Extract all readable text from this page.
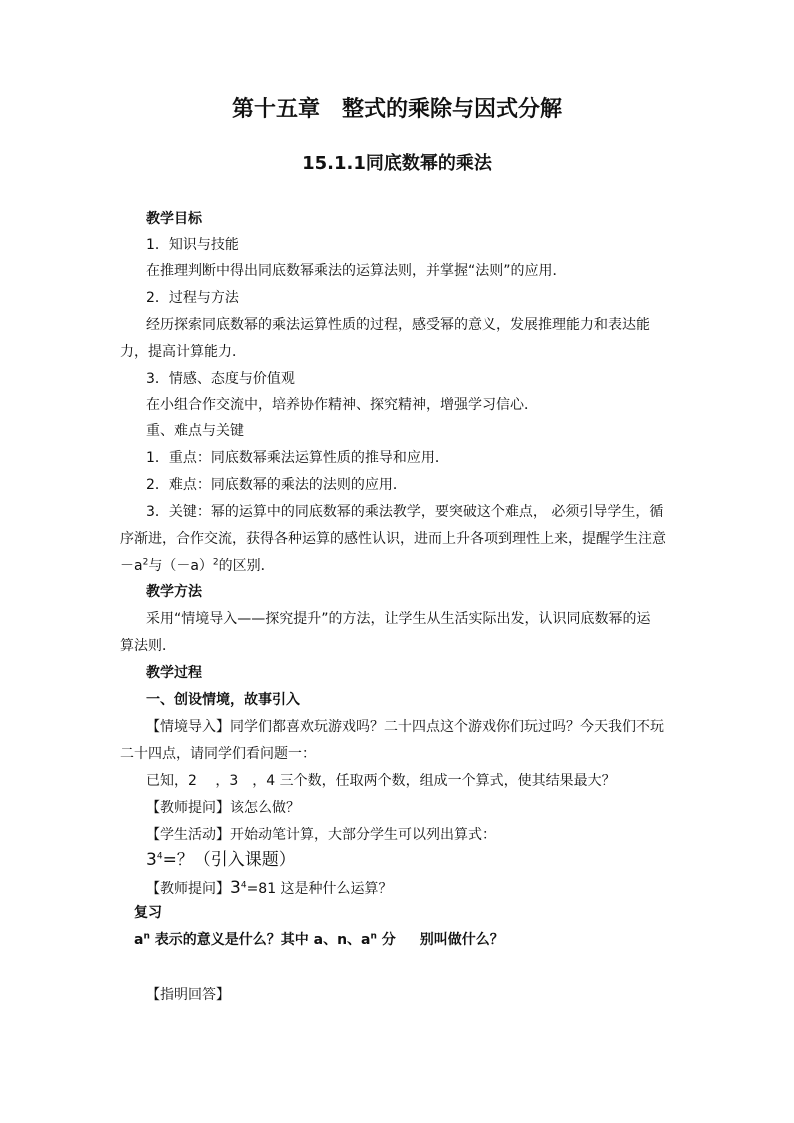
第十五章　整式的乘除与因式分解
15.1.1同底数幂的乘法
教学目标
1．知识与技能
在推理判断中得出同底数幂乘法的运算法则，并掌握“法则”的应用．
2．过程与方法
经历探索同底数幂的乘法运算性质的过程，感受幂的意义，发展推理能力和表达能
力，提高计算能力．
3．情感、态度与价值观
在小组合作交流中，培养协作精神、探究精神，增强学习信心．
重、难点与关键
1．重点：同底数幂乘法运算性质的推导和应用．
2．难点：同底数幂的乘法的法则的应用．
3．关键：幂的运算中的同底数幂的乘法教学，要突破这个难点， 必须引导学生，循
序渐进，合作交流，获得各种运算的感性认识，进而上升各项到理性上来，提醒学生注意
$-a^2$与$(-a)^2$的区别．
教学方法
采用“情境导入——探究提升”的方法，让学生从生活实际出发，认识同底数幂的运
算法则．
教学过程
一、创设情境，故事引入
【情境导入】同学们都喜欢玩游戏吗？二十四点这个游戏你们玩过吗？今天我们不玩
二十四点，请同学们看问题一：
已知，2　 ，3　，4 三个数，任取两个数，组成一个算式，使其结果最大？
【教师提问】该怎么做？
【学生活动】开始动笔计算，大部分学生可以列出算式：
$3^4=$？（引入课题）
【教师提问】$3^4=81$ 这是种什么运算？
复习
$a^n$ 表示的意义是什么？其中 a、n、$a^n$ 分 别叫做什么？
【指明回答】
